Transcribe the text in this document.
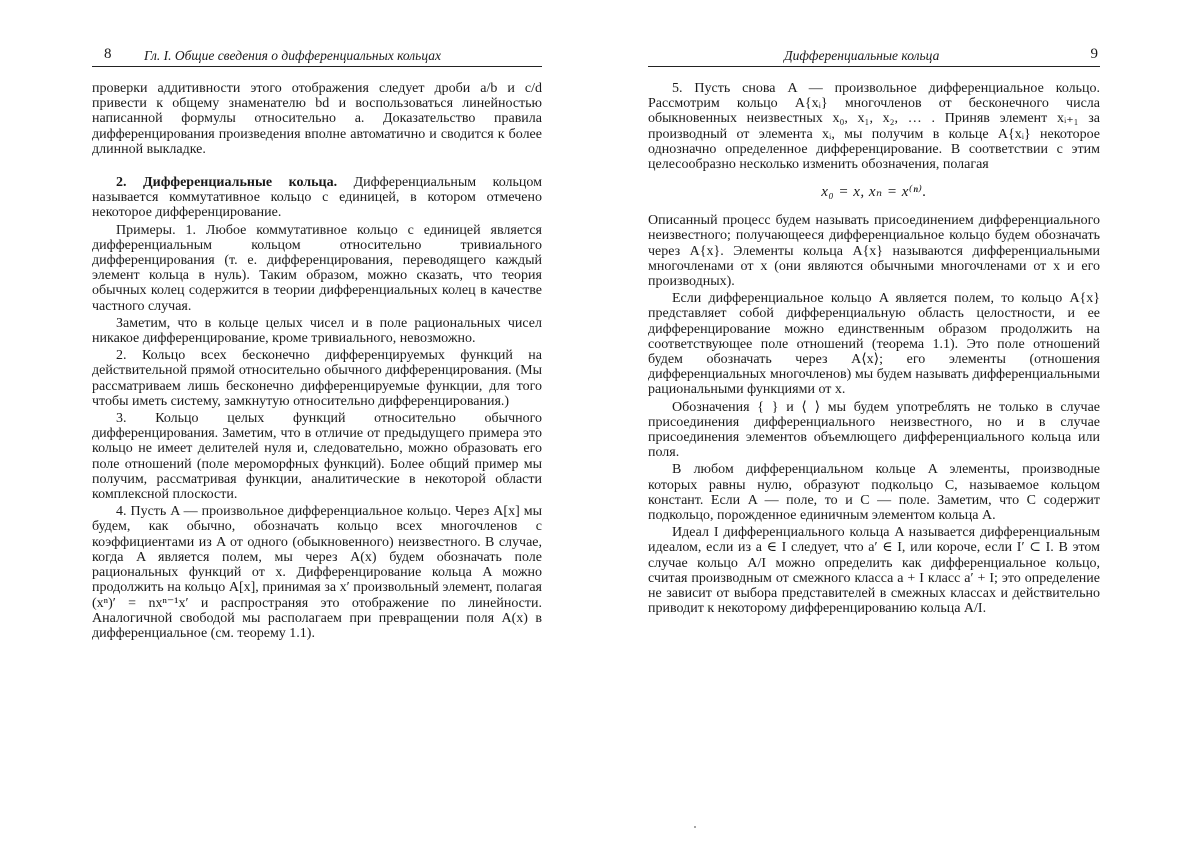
8 Гл. I. Общие сведения о дифференциальных кольцах

проверки аддитивности этого отображения следует дроби a/b и c/d привести к общему знаменателю bd и воспользоваться линейностью написанной формулы относительно a. Доказательство правила дифференцирования произведения вполне автоматично и сводится к более длинной выкладке.

2. Дифференциальные кольца. Дифференциальным кольцом называется коммутативное кольцо с единицей, в котором отмечено некоторое дифференцирование.

Примеры. 1. Любое коммутативное кольцо с единицей является дифференциальным кольцом относительно тривиального дифференцирования (т. е. дифференцирования, переводящего каждый элемент кольца в нуль). Таким образом, можно сказать, что теория обычных колец содержится в теории дифференциальных колец в качестве частного случая.

Заметим, что в кольце целых чисел и в поле рациональных чисел никакое дифференцирование, кроме тривиального, невозможно.

2. Кольцо всех бесконечно дифференцируемых функций на действительной прямой относительно обычного дифференцирования. (Мы рассматриваем лишь бесконечно дифференцируемые функции, для того чтобы иметь систему, замкнутую относительно дифференцирования.)

3. Кольцо целых функций относительно обычного дифференцирования. Заметим, что в отличие от предыдущего примера это кольцо не имеет делителей нуля и, следовательно, можно образовать его поле отношений (поле мероморфных функций). Более общий пример мы получим, рассматривая функции, аналитические в некоторой области комплексной плоскости.

4. Пусть A — произвольное дифференциальное кольцо. Через A[x] мы будем, как обычно, обозначать кольцо всех многочленов с коэффициентами из A от одного (обыкновенного) неизвестного. В случае, когда A является полем, мы через A(x) будем обозначать поле рациональных функций от x. Дифференцирование кольца A можно продолжить на кольцо A[x], принимая за x′ произвольный элемент, полагая (xⁿ)′ = nxⁿ⁻¹x′ и распространяя это отображение по линейности. Аналогичной свободой мы располагаем при превращении поля A(x) в дифференциальное (см. теорему 1.1).

Дифференциальные кольца	9

5. Пусть снова A — произвольное дифференциальное кольцо. Рассмотрим кольцо A{xᵢ} многочленов от бесконечного числа обыкновенных неизвестных x₀, x₁, x₂, … . Приняв элемент xᵢ₊₁ за производный от элемента xᵢ, мы получим в кольце A{xᵢ} некоторое однозначно определенное дифференцирование. В соответствии с этим целесообразно несколько изменить обозначения, полагая

x₀ = x, xₙ = x⁽ⁿ⁾.

Описанный процесс будем называть присоединением дифференциального неизвестного; получающееся дифференциальное кольцо будем обозначать через A{x}. Элементы кольца A{x} называются дифференциальными многочленами от x (они являются обычными многочленами от x и его производных).

Если дифференциальное кольцо A является полем, то кольцо A{x} представляет собой дифференциальную область целостности, и ее дифференцирование можно единственным образом продолжить на соответствующее поле отношений (теорема 1.1). Это поле отношений будем обозначать через A⟨x⟩; его элементы (отношения дифференциальных многочленов) мы будем называть дифференциальными рациональными функциями от x.

Обозначения { } и ⟨ ⟩ мы будем употреблять не только в случае присоединения дифференциального неизвестного, но и в случае присоединения элементов объемлющего дифференциального кольца или поля.

В любом дифференциальном кольце A элементы, производные которых равны нулю, образуют подкольцо C, называемое кольцом констант. Если A — поле, то и C — поле. Заметим, что C содержит подкольцо, порожденное единичным элементом кольца A.

Идеал I дифференциального кольца A называется дифференциальным идеалом, если из a ∈ I следует, что a′ ∈ I, или короче, если I′ ⊂ I. В этом случае кольцо A/I можно определить как дифференциальное кольцо, считая производным от смежного класса a + I класс a′ + I; это определение не зависит от выбора представителей в смежных классах и действительно приводит к некоторому дифференцированию кольца A/I.
